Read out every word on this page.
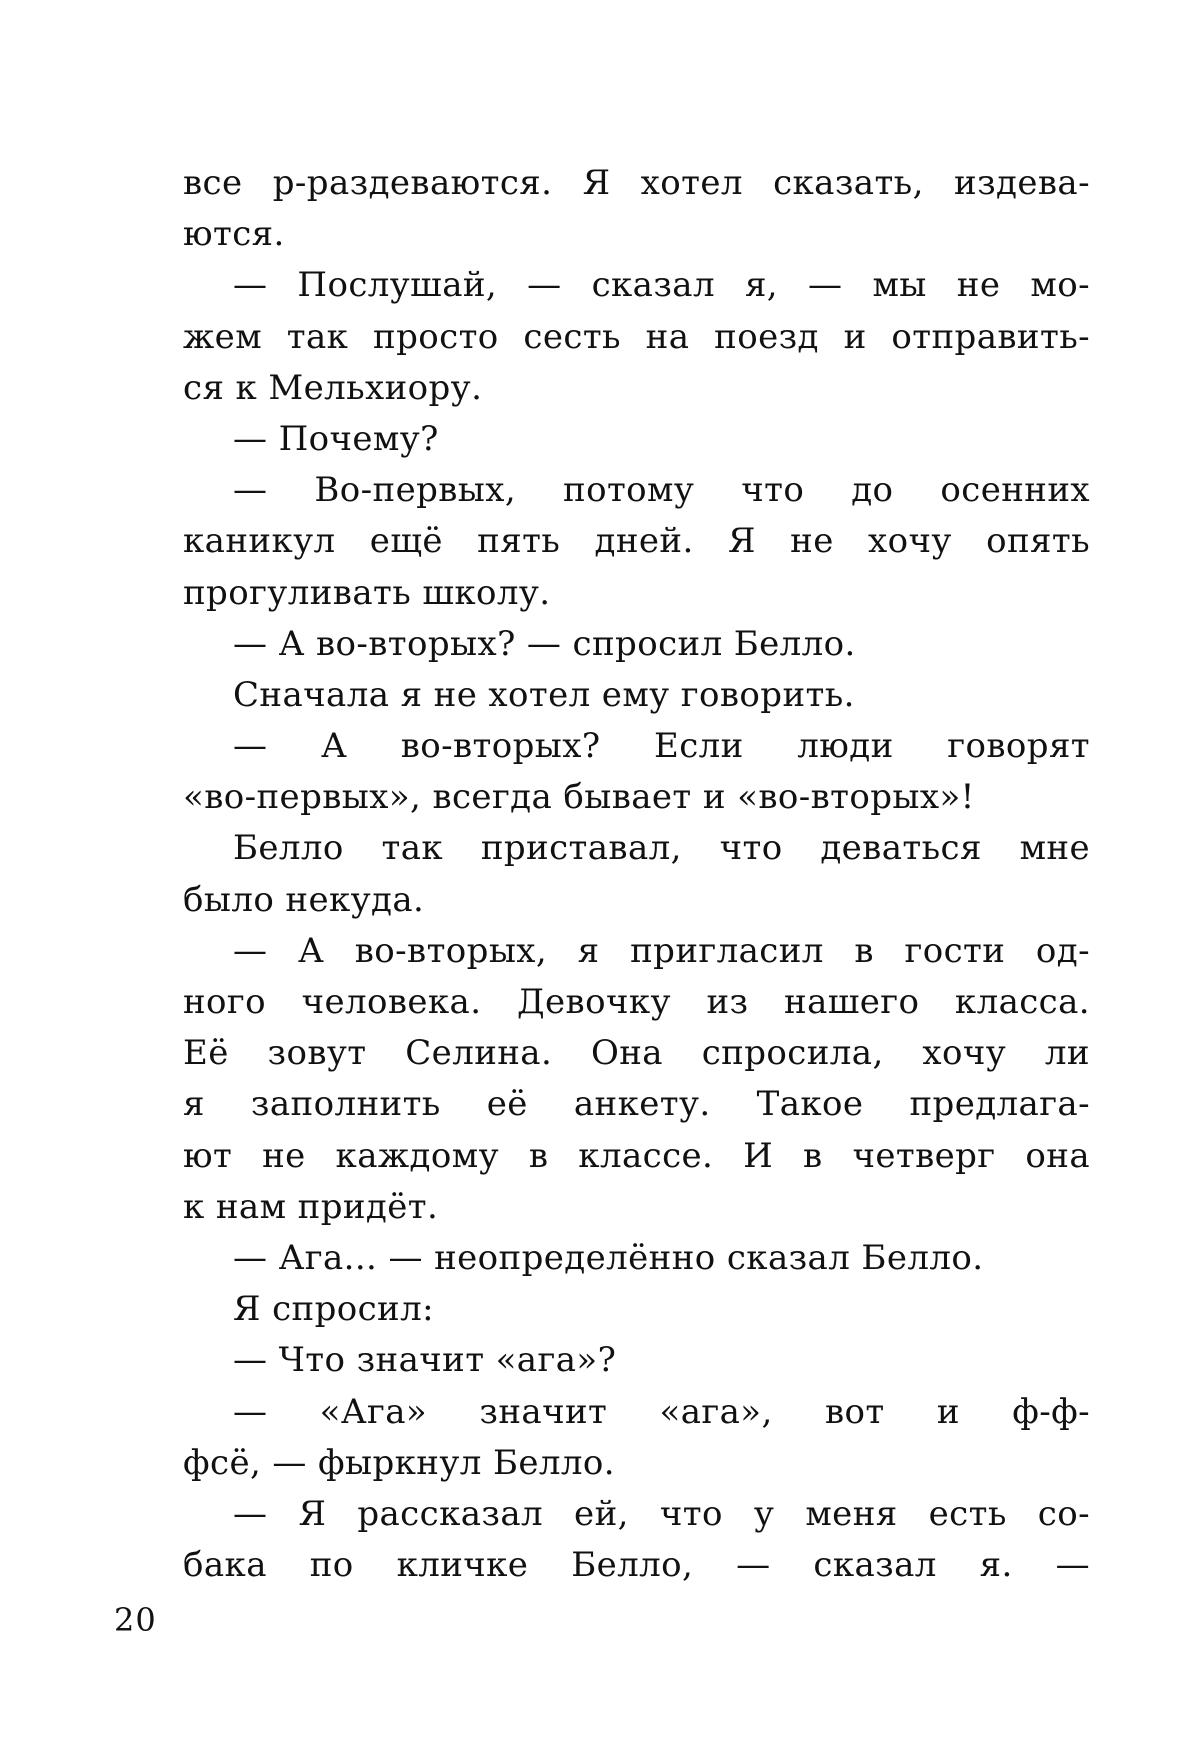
все р-раздеваются. Я хотел сказать, издева-
ются.
— Послушай, — сказал я, — мы не мо-
жем так просто сесть на поезд и отправить-
ся к Мельхиору.
— Почему?
— Во-первых, потому что до осенних
каникул ещё пять дней. Я не хочу опять
прогуливать школу.
— А во-вторых? — спросил Белло.
Сначала я не хотел ему говорить.
— А во-вторых? Если люди говорят
«во-первых», всегда бывает и «во-вторых»!
Белло так приставал, что деваться мне
было некуда.
— А во-вторых, я пригласил в гости од-
ного человека. Девочку из нашего класса.
Её зовут Селина. Она спросила, хочу ли
я заполнить её анкету. Такое предлага-
ют не каждому в классе. И в четверг она
к нам придёт.
— Ага... — неопределённо сказал Белло.
Я спросил:
— Что значит «ага»?
— «Ага» значит «ага», вот и ф-ф-
фсё, — фыркнул Белло.
— Я рассказал ей, что у меня есть со-
бака по кличке Белло, — сказал я. —
20
